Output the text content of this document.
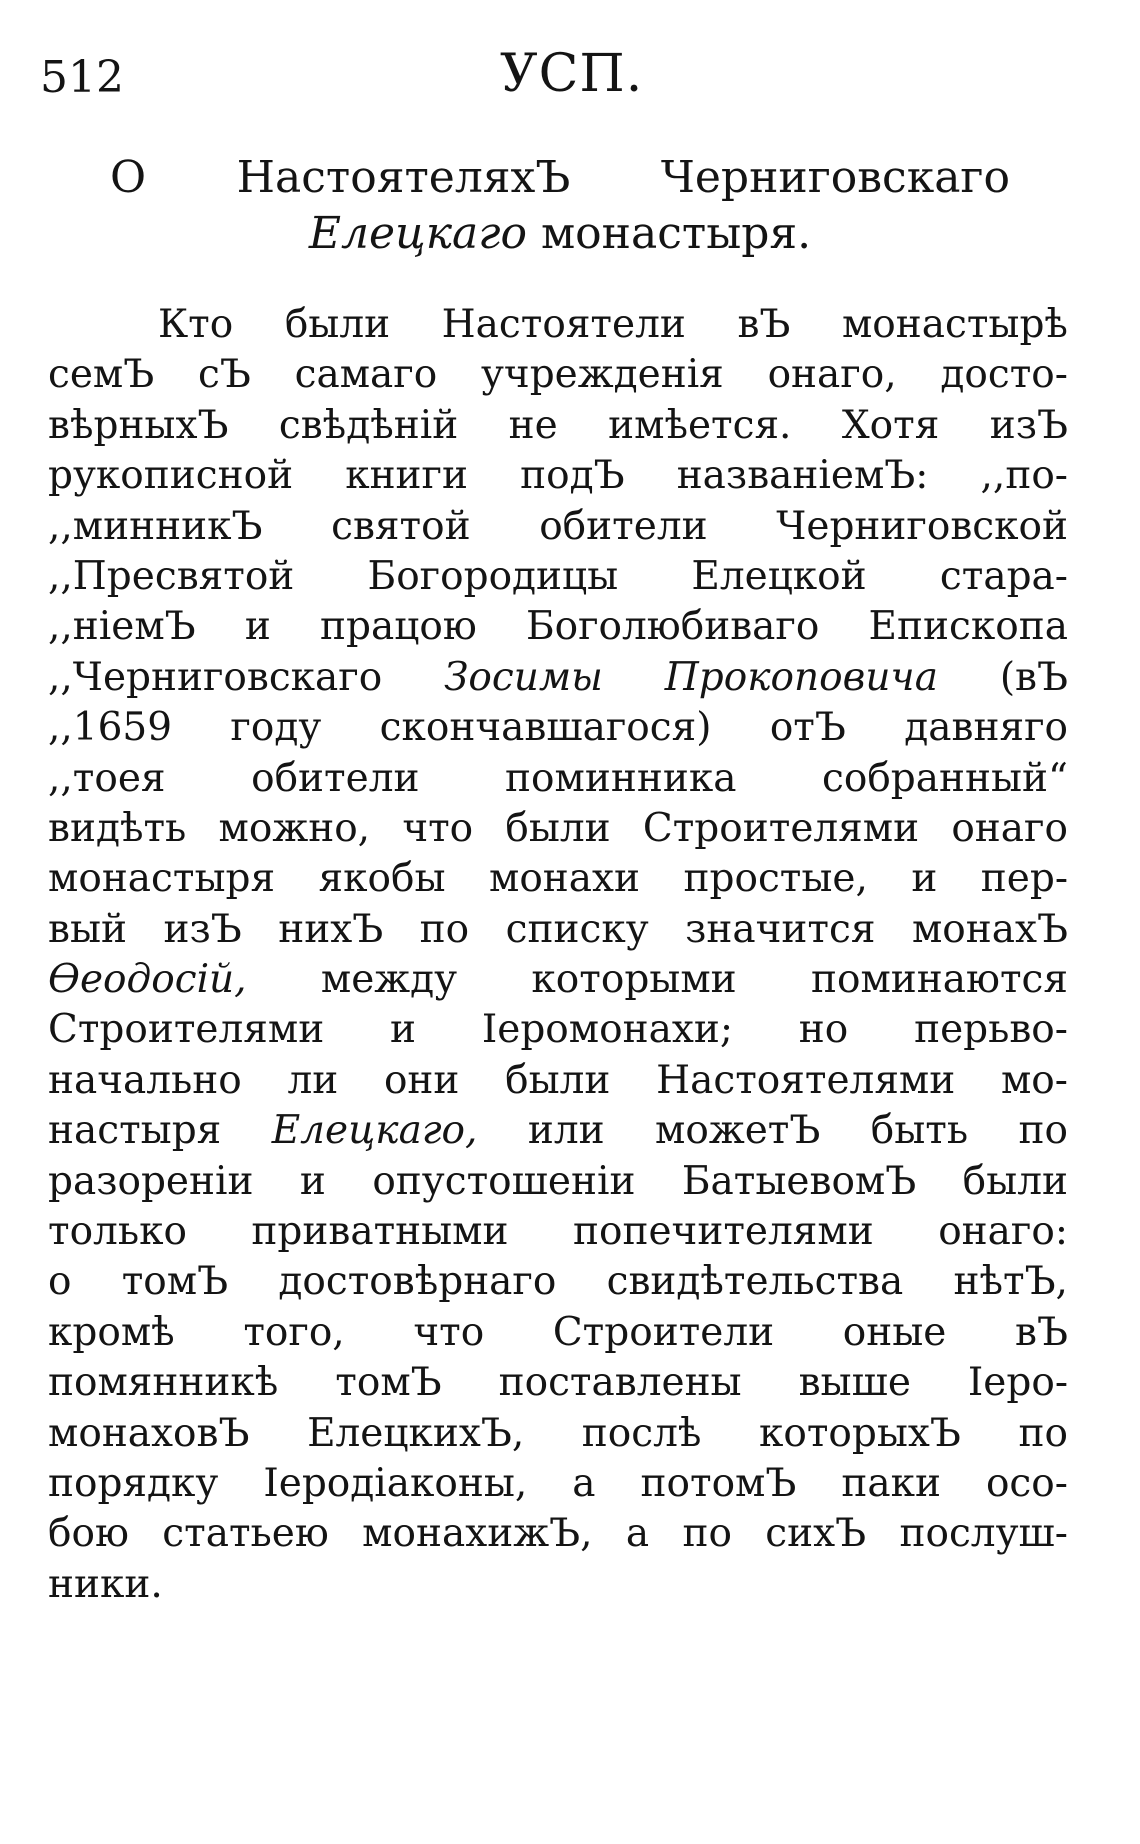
512	УСП.
О НастоятеляхЪ Черниговскаго
Елецкаго монастыря.
Кто были Настоятели вЪ монастырѣ
семЪ сЪ самаго учрежденія онаго, досто-
вѣрныхЪ свѣдѣній не имѣется. Хотя изЪ
рукописной книги подЪ названіемЪ: ,,по-
,,минникЪ святой обители Черниговской
,,Пресвятой Богородицы Елецкой стара-
,,ніемЪ и працою Боголюбиваго Епископа
,,Черниговскаго Зосимы Прокоповича (вЪ
,,1659 году скончавшагося) отЪ давняго
,,тоея обители поминника собранный“
видѣть можно, что были Строителями онаго
монастыря якобы монахи простые, и пер-
вый изЪ нихЪ по списку значится монахЪ
Ѳеодосій, между которыми поминаются
Строителями и Іеромонахи; но перьво-
начально ли они были Настоятелями мо-
настыря Елецкаго, или можетЪ быть по
разореніи и опустошеніи БатыевомЪ были
только приватными попечителями онаго:
о томЪ достовѣрнаго свидѣтельства нѣтЪ,
кромѣ того, что Строители оные вЪ
помянникѣ томЪ поставлены выше Іеро-
монаховЪ ЕлецкихЪ, послѣ которыхЪ по
порядку Іеродіаконы, а потомЪ паки осо-
бою статьею монахижЪ, а по сихЪ послуш-
ники.
